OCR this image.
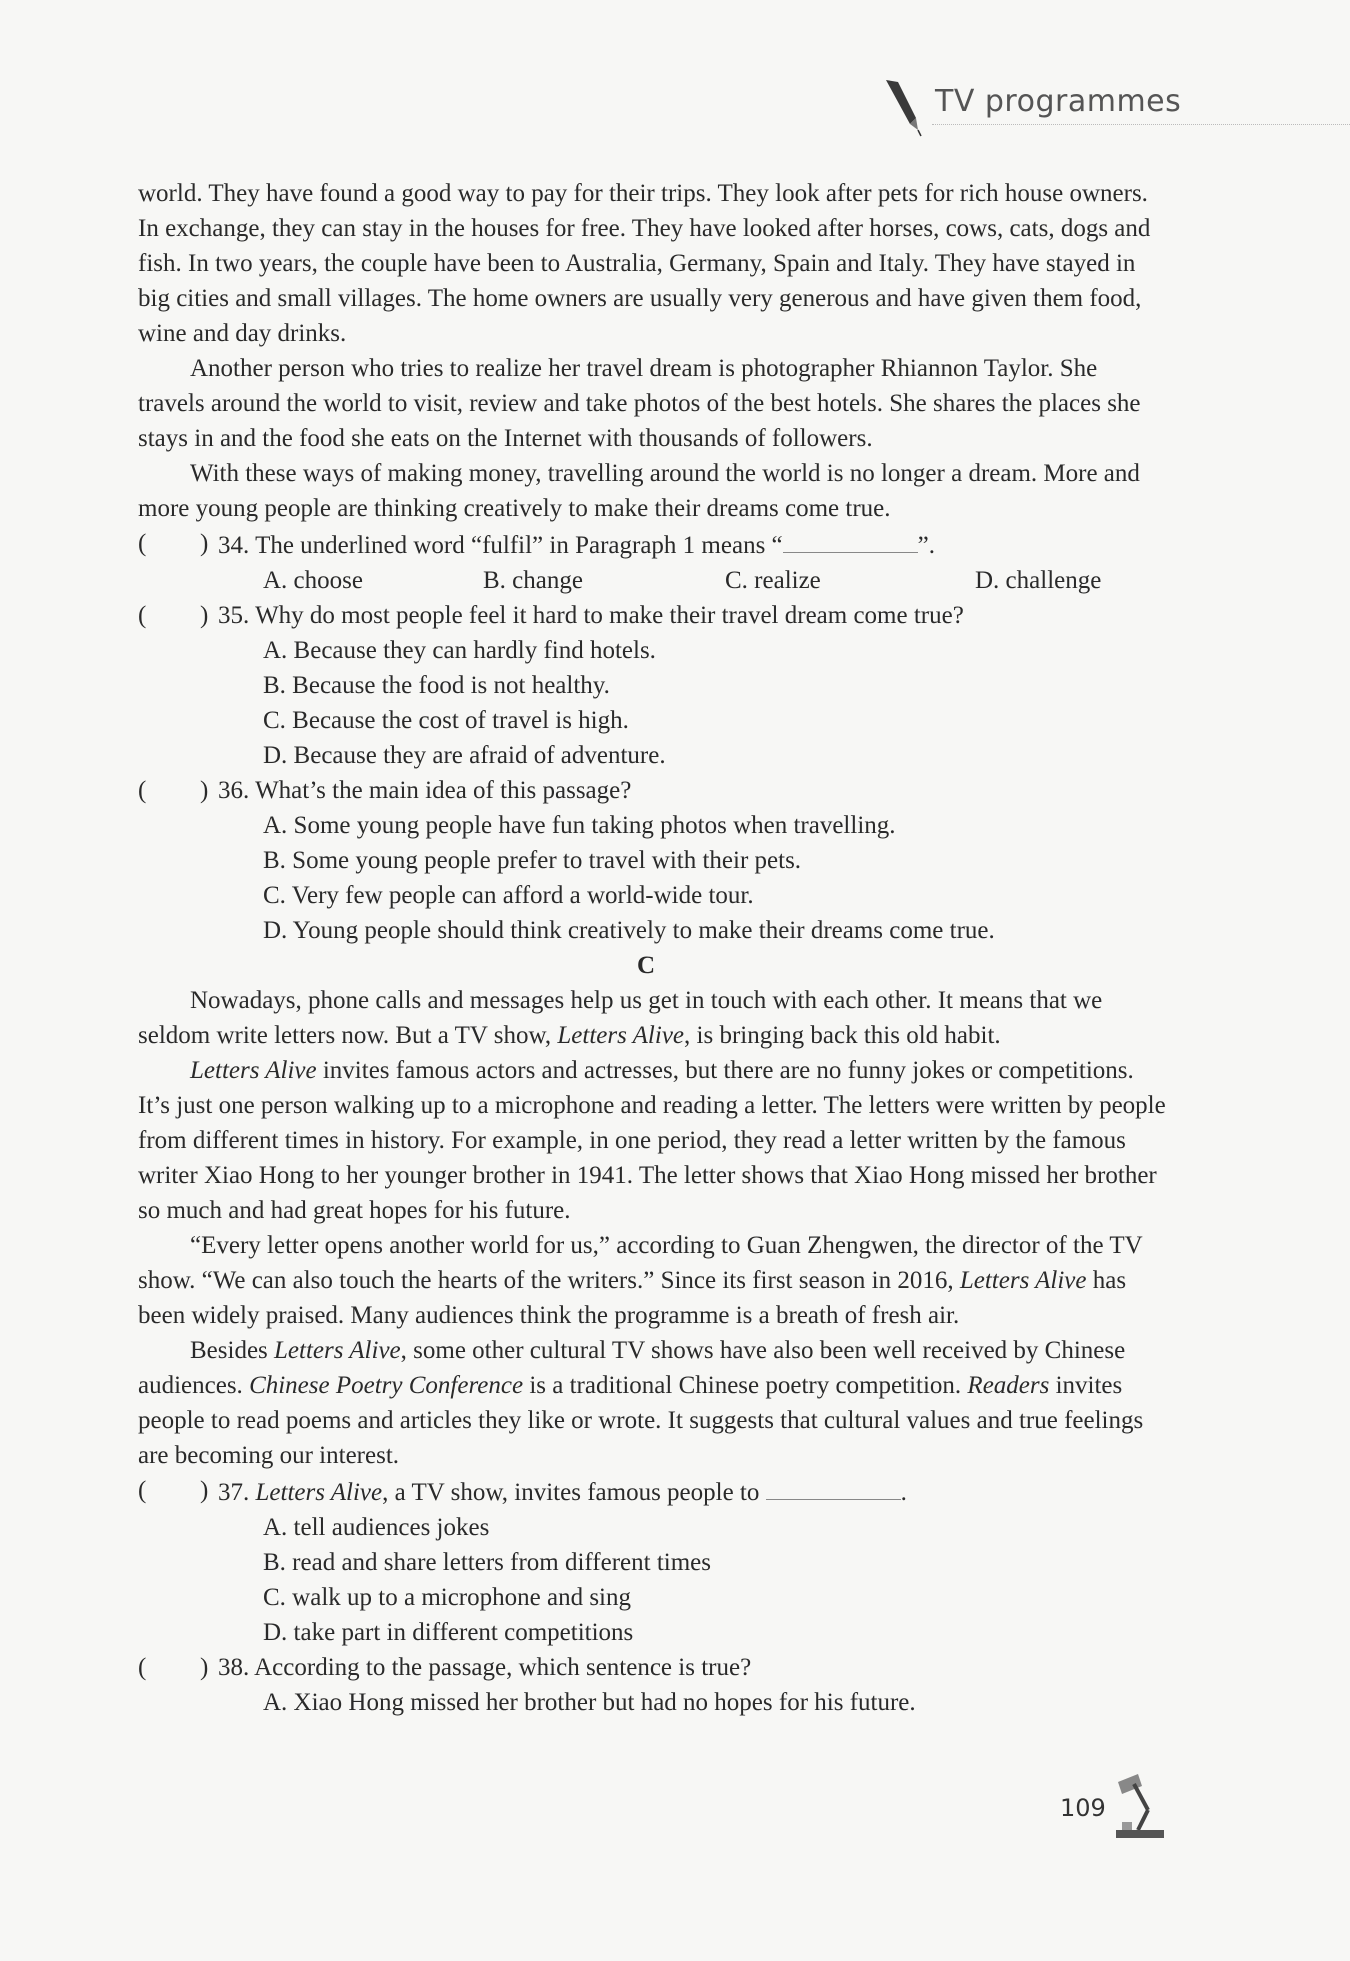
TV programmes

world. They have found a good way to pay for their trips. They look after pets for rich house owners. In exchange, they can stay in the houses for free. They have looked after horses, cows, cats, dogs and fish. In two years, the couple have been to Australia, Germany, Spain and Italy. They have stayed in big cities and small villages. The home owners are usually very generous and have given them food, wine and day drinks.

Another person who tries to realize her travel dream is photographer Rhiannon Taylor. She travels around the world to visit, review and take photos of the best hotels. She shares the places she stays in and the food she eats on the Internet with thousands of followers.

With these ways of making money, travelling around the world is no longer a dream. More and more young people are thinking creatively to make their dreams come true.

( ) 34. The underlined word “fulfil” in Paragraph 1 means “	”.
A. choose	B. change	C. realize	D. challenge
( ) 35. Why do most people feel it hard to make their travel dream come true?

A. Because they can hardly find hotels.

B. Because the food is not healthy.

C. Because the cost of travel is high.

D. Because they are afraid of adventure.

( ) 36. What’s the main idea of this passage?

A. Some young people have fun taking photos when travelling.

B. Some young people prefer to travel with their pets.

C. Very few people can afford a world-wide tour.

D. Young people should think creatively to make their dreams come true.

C

Nowadays, phone calls and messages help us get in touch with each other. It means that we seldom write letters now. But a TV show, Letters Alive, is bringing back this old habit.

Letters Alive invites famous actors and actresses, but there are no funny jokes or competitions. It’s just one person walking up to a microphone and reading a letter. The letters were written by people from different times in history. For example, in one period, they read a letter written by the famous writer Xiao Hong to her younger brother in 1941. The letter shows that Xiao Hong missed her brother so much and had great hopes for his future.

“Every letter opens another world for us,” according to Guan Zhengwen, the director of the TV show. “We can also touch the hearts of the writers.” Since its first season in 2016, Letters Alive has been widely praised. Many audiences think the programme is a breath of fresh air.

Besides Letters Alive, some other cultural TV shows have also been well received by Chinese audiences. Chinese Poetry Conference is a traditional Chinese poetry competition. Readers invites people to read poems and articles they like or wrote. It suggests that cultural values and true feelings are becoming our interest.

( ) 37. Letters Alive, a TV show, invites famous people to	.

A. tell audiences jokes

B. read and share letters from different times

C. walk up to a microphone and sing

D. take part in different competitions

( ) 38. According to the passage, which sentence is true?

A. Xiao Hong missed her brother but had no hopes for his future.

109
